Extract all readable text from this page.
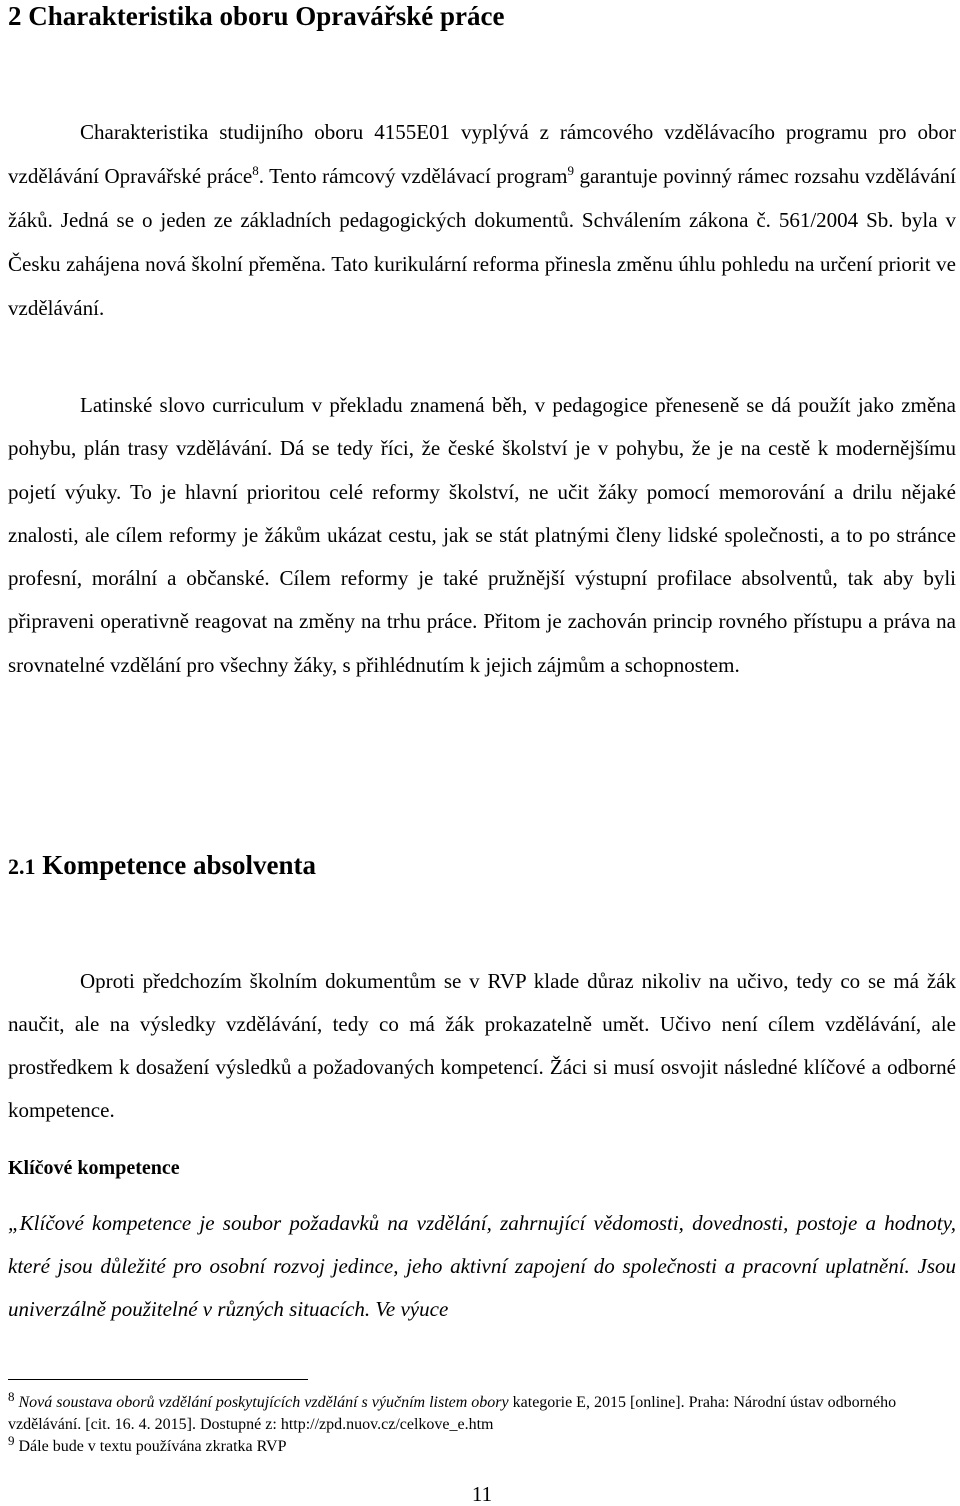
2 Charakteristika oboru Opravářské práce

Charakteristika studijního oboru 4155E01 vyplývá z rámcového vzdělávacího programu pro obor vzdělávání Opravářské práce$^8$. Tento rámcový vzdělávací program$^9$ garantuje povinný rámec rozsahu vzdělávání žáků. Jedná se o jeden ze základních pedagogických dokumentů. Schválením zákona č. 561/2004 Sb. byla v Česku zahájena nová školní přeměna. Tato kurikulární reforma přinesla změnu úhlu pohledu na určení priorit ve vzdělávání.

Latinské slovo curriculum v překladu znamená běh, v pedagogice přeneseně se dá použít jako změna pohybu, plán trasy vzdělávání. Dá se tedy říci, že české školství je v pohybu, že je na cestě k modernějšímu pojetí výuky. To je hlavní prioritou celé reformy školství, ne učit žáky pomocí memorování a drilu nějaké znalosti, ale cílem reformy je žákům ukázat cestu, jak se stát platnými členy lidské společnosti, a to po stránce profesní, morální a občanské. Cílem reformy je také pružnější výstupní profilace absolventů, tak aby byli připraveni operativně reagovat na změny na trhu práce. Přitom je zachován princip rovného přístupu a práva na srovnatelné vzdělání pro všechny žáky, s přihlédnutím k jejich zájmům a schopnostem.

2.1 Kompetence absolventa

Oproti předchozím školním dokumentům se v RVP klade důraz nikoliv na učivo, tedy co se má žák naučit, ale na výsledky vzdělávání, tedy co má žák prokazatelně umět. Učivo není cílem vzdělávání, ale prostředkem k dosažení výsledků a požadovaných kompetencí. Žáci si musí osvojit následné klíčové a odborné kompetence.

Klíčové kompetence

„Klíčové kompetence je soubor požadavků na vzdělání, zahrnující vědomosti, dovednosti, postoje a hodnoty, které jsou důležité pro osobní rozvoj jedince, jeho aktivní zapojení do společnosti a pracovní uplatnění. Jsou univerzálně použitelné v různých situacích. Ve výuce

$^8$ Nová soustava oborů vzdělání poskytujících vzdělání s výučním listem obory kategorie E, 2015 [online]. Praha: Národní ústav odborného vzdělávání. [cit. 16. 4. 2015]. Dostupné z: http://zpd.nuov.cz/celkove_e.htm

$^9$ Dále bude v textu používána zkratka RVP

11
